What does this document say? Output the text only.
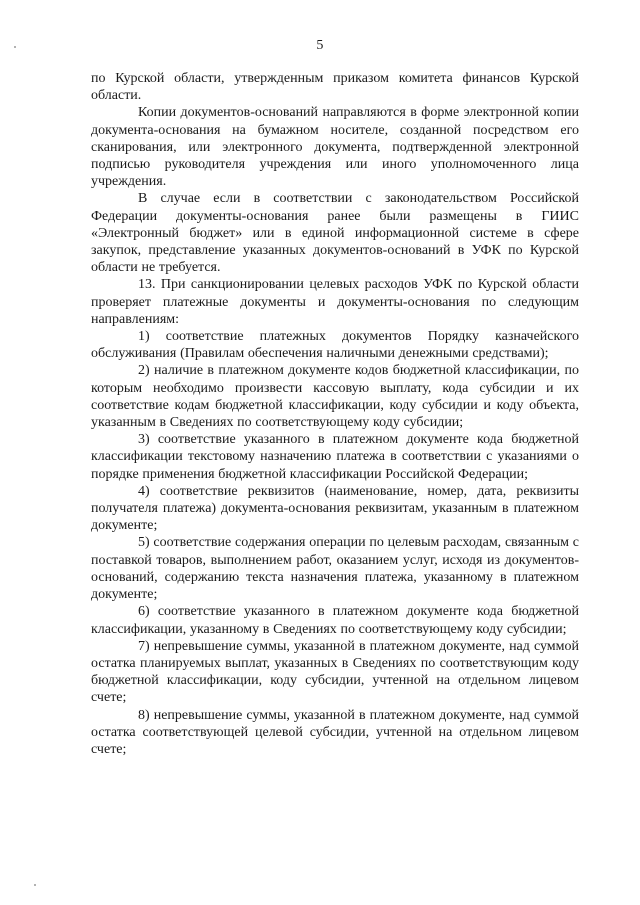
5

по Курской области, утвержденным приказом комитета финансов Курской области.

Копии документов-оснований направляются в форме электронной копии документа-основания на бумажном носителе, созданной посредством его сканирования, или электронного документа, подтвержденной электронной подписью руководителя учреждения или иного уполномоченного лица учреждения.

В случае если в соответствии с законодательством Российской Федерации документы-основания ранее были размещены в ГИИС «Электронный бюджет» или в единой информационной системе в сфере закупок, представление указанных документов-оснований в УФК по Курской области не требуется.

13. При санкционировании целевых расходов УФК по Курской области проверяет платежные документы и документы-основания по следующим направлениям:

1) соответствие платежных документов Порядку казначейского обслуживания (Правилам обеспечения наличными денежными средствами);

2) наличие в платежном документе кодов бюджетной классификации, по которым необходимо произвести кассовую выплату, кода субсидии и их соответствие кодам бюджетной классификации, коду субсидии и коду объекта, указанным в Сведениях по соответствующему коду субсидии;

3) соответствие указанного в платежном документе кода бюджетной классификации текстовому назначению платежа в соответствии с указаниями о порядке применения бюджетной классификации Российской Федерации;

4) соответствие реквизитов (наименование, номер, дата, реквизиты получателя платежа) документа-основания реквизитам, указанным в платежном документе;

5) соответствие содержания операции по целевым расходам, связанным с поставкой товаров, выполнением работ, оказанием услуг, исходя из документов-оснований, содержанию текста назначения платежа, указанному в платежном документе;

6) соответствие указанного в платежном документе кода бюджетной классификации, указанному в Сведениях по соответствующему коду субсидии;

7) непревышение суммы, указанной в платежном документе, над суммой остатка планируемых выплат, указанных в Сведениях по соответствующим коду бюджетной классификации, коду субсидии, учтенной на отдельном лицевом счете;

8) непревышение суммы, указанной в платежном документе, над суммой остатка соответствующей целевой субсидии, учтенной на отдельном лицевом счете;
